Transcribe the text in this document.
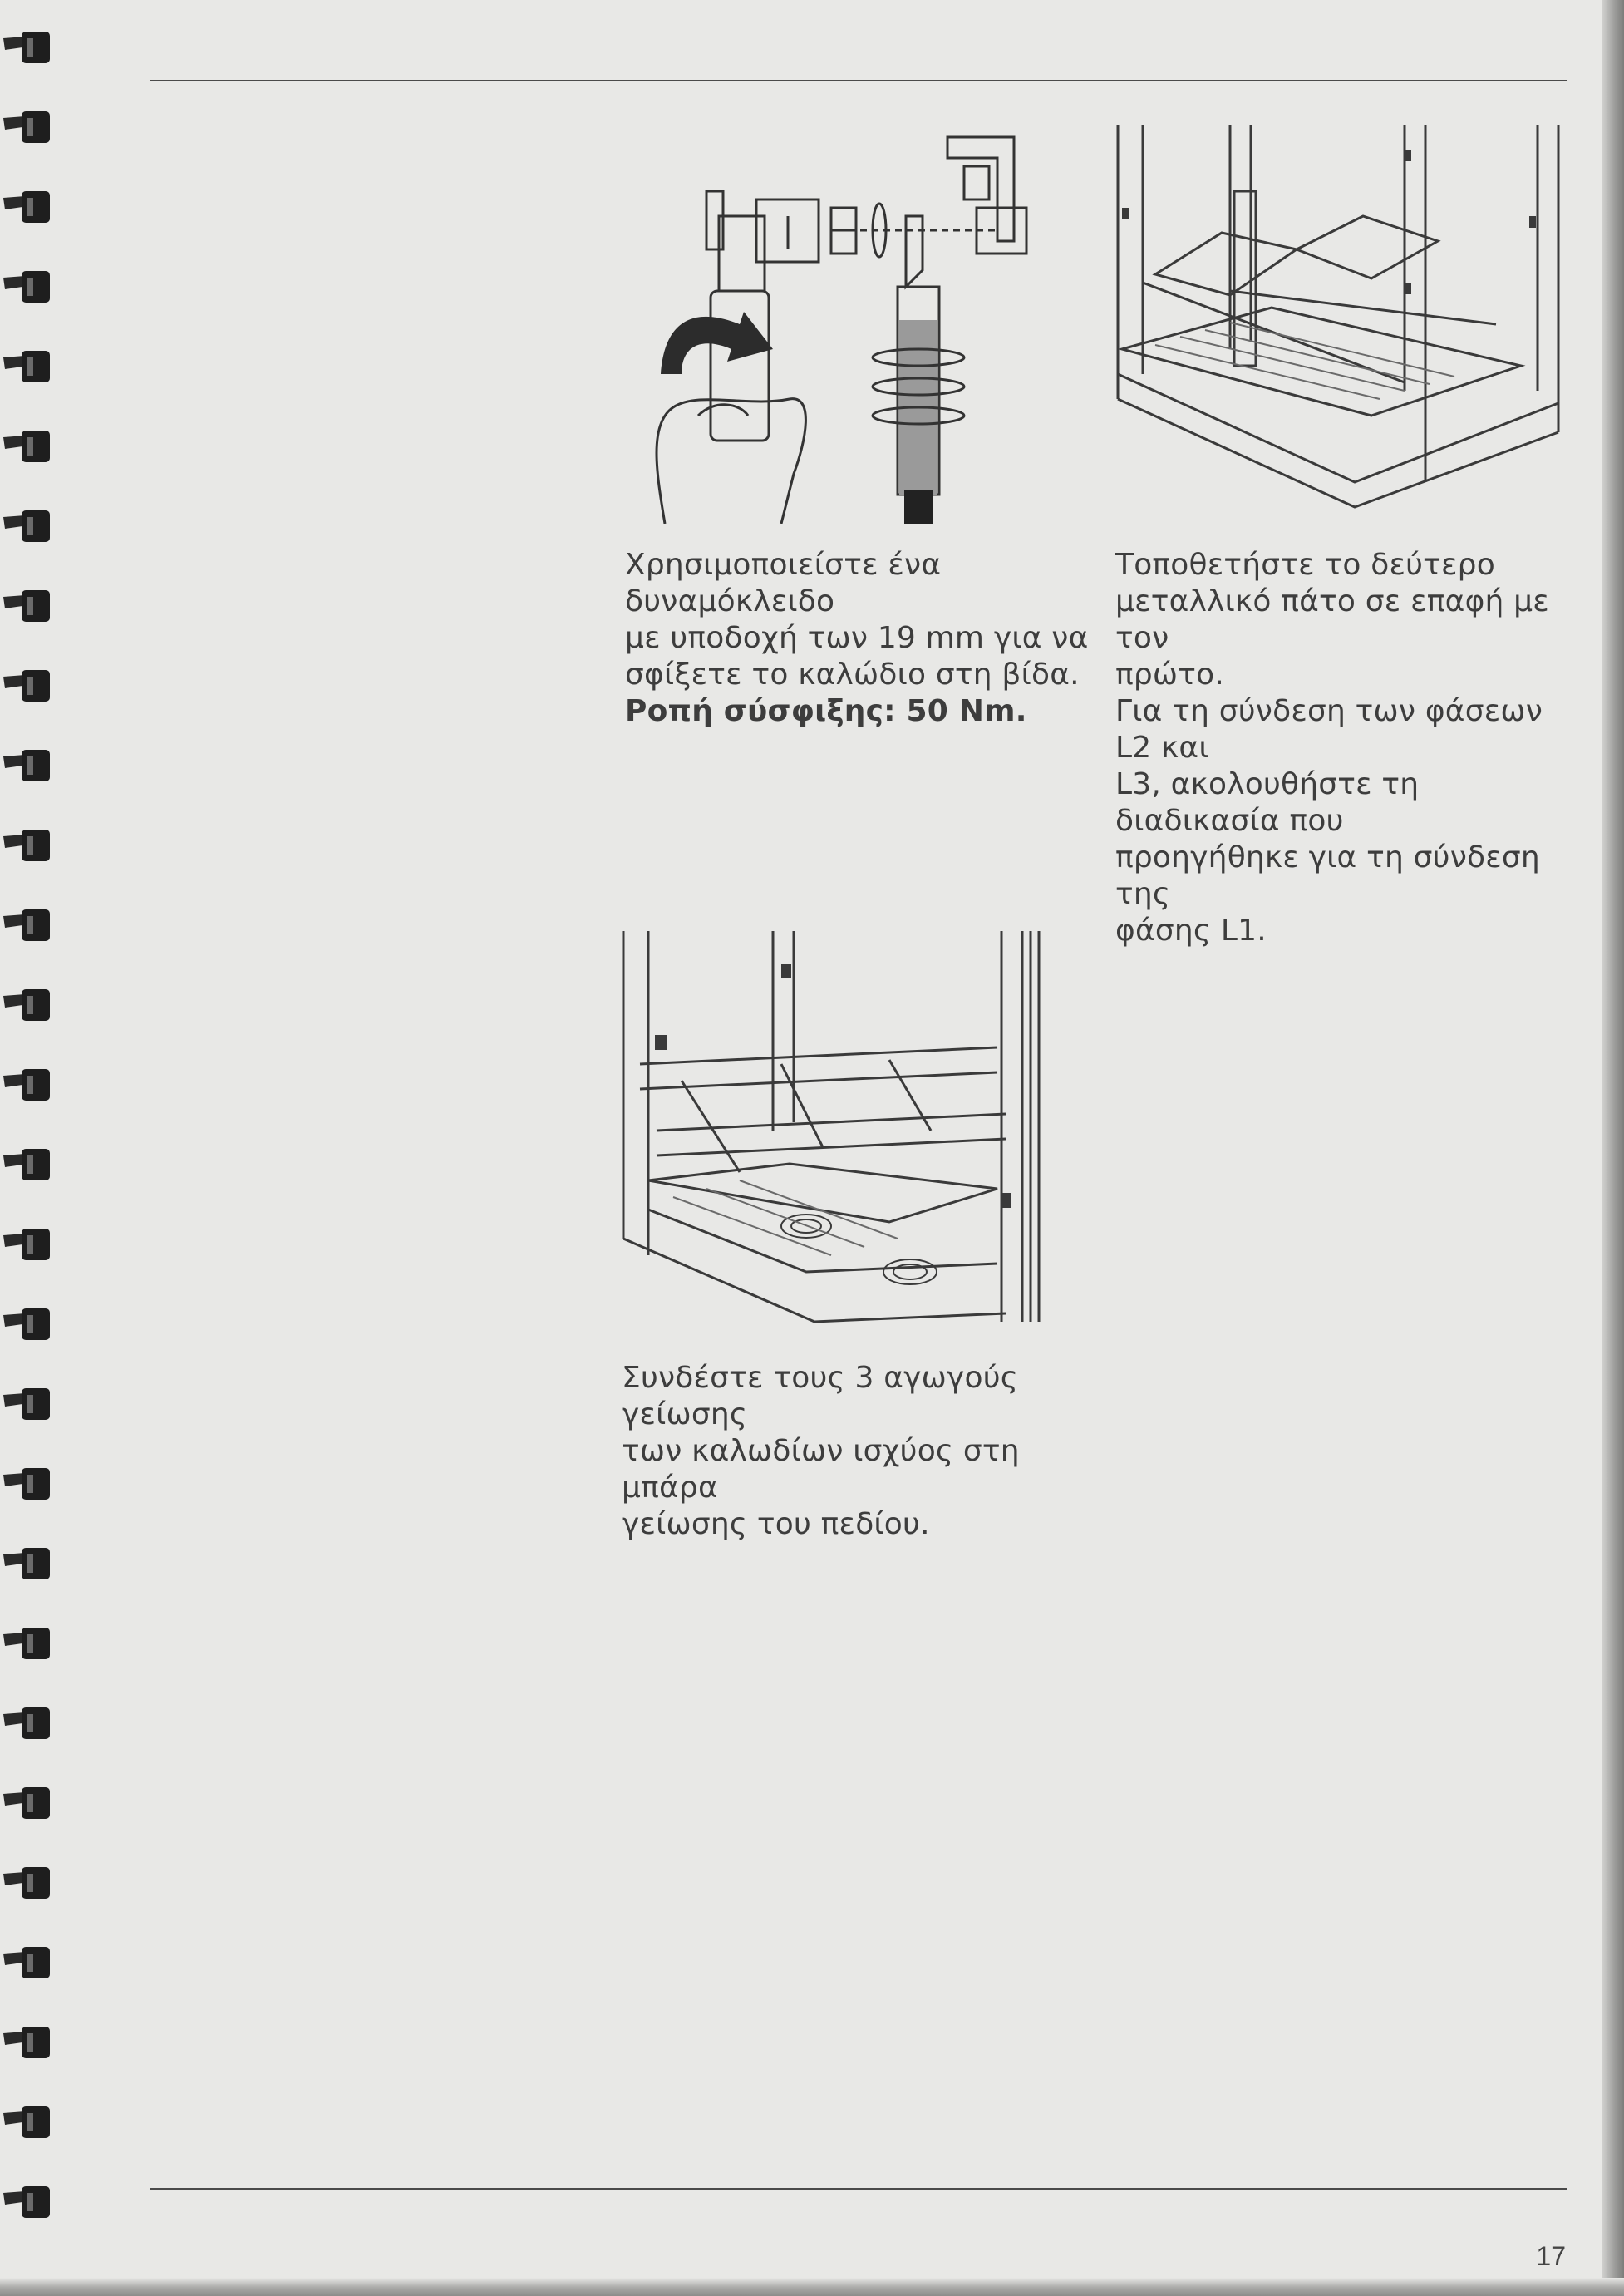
Χρησιμοποιείστε ένα δυναμόκλειδο

με υποδοχή των 19 mm για να

σφίξετε το καλώδιο στη βίδα.

Ροπή σύσφιξης: 50 Nm.

Τοποθετήστε το δεύτερο

μεταλλικό πάτο σε επαφή με τον

πρώτο.

Για τη σύνδεση των φάσεων L2 και

L3, ακολουθήστε τη διαδικασία που

προηγήθηκε για τη σύνδεση της

φάσης L1.

Συνδέστε τους 3 αγωγούς γείωσης

των καλωδίων ισχύος στη μπάρα

γείωσης του πεδίου.

17
